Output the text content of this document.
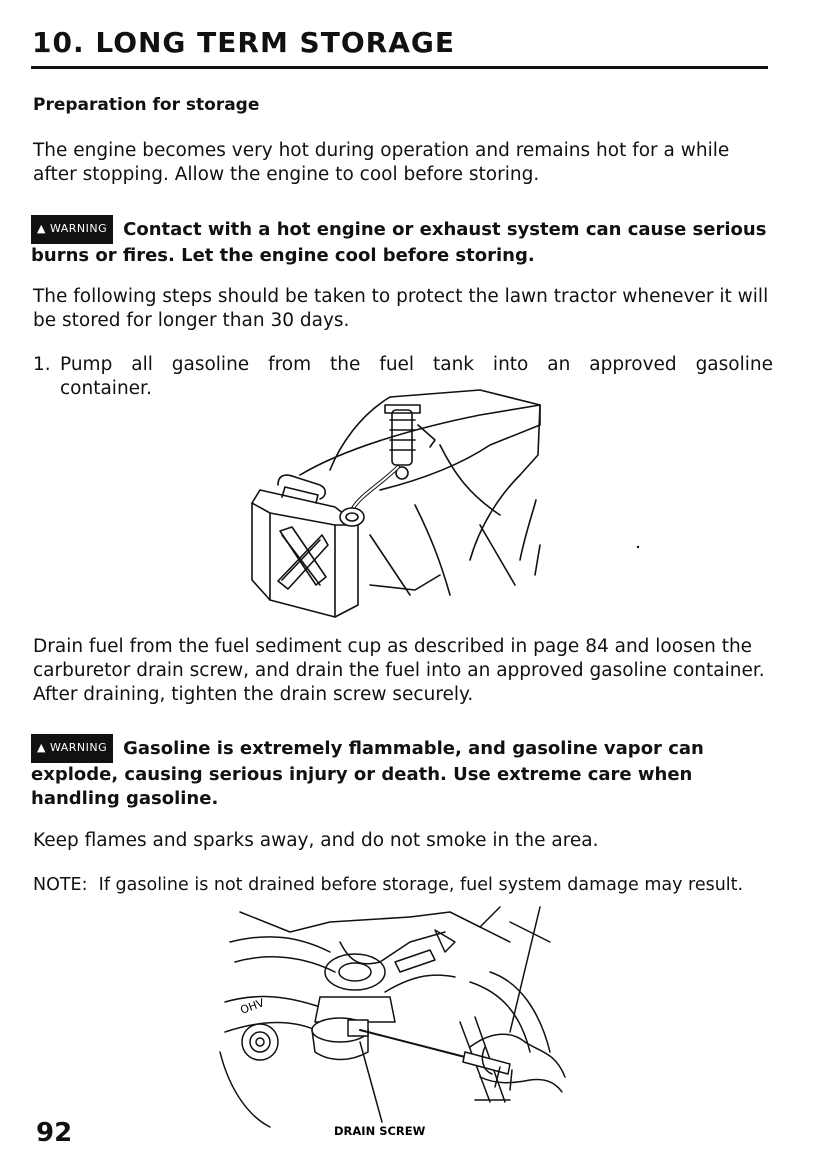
10. LONG TERM STORAGE
Preparation for storage

The engine becomes very hot during operation and remains hot for a while after stopping. Allow the engine to cool before storing.

▲ WARNING Contact with a hot engine or exhaust system can cause serious burns or fires. Let the engine cool before storing.

The following steps should be taken to protect the lawn tractor whenever it will be stored for longer than 30 days.

1. Pump all gasoline from the fuel tank into an approved gasoline

container.

Drain fuel from the fuel sediment cup as described in page 84 and loosen the carburetor drain screw, and drain the fuel into an approved gasoline container. After draining, tighten the drain screw securely.

▲ WARNING Gasoline is extremely flammable, and gasoline vapor can explode, causing serious injury or death. Use extreme care when handling gasoline.

Keep flames and sparks away, and do not smoke in the area.

NOTE: If gasoline is not drained before storage, fuel system damage may result.

OHV
DRAIN SCREW

92
